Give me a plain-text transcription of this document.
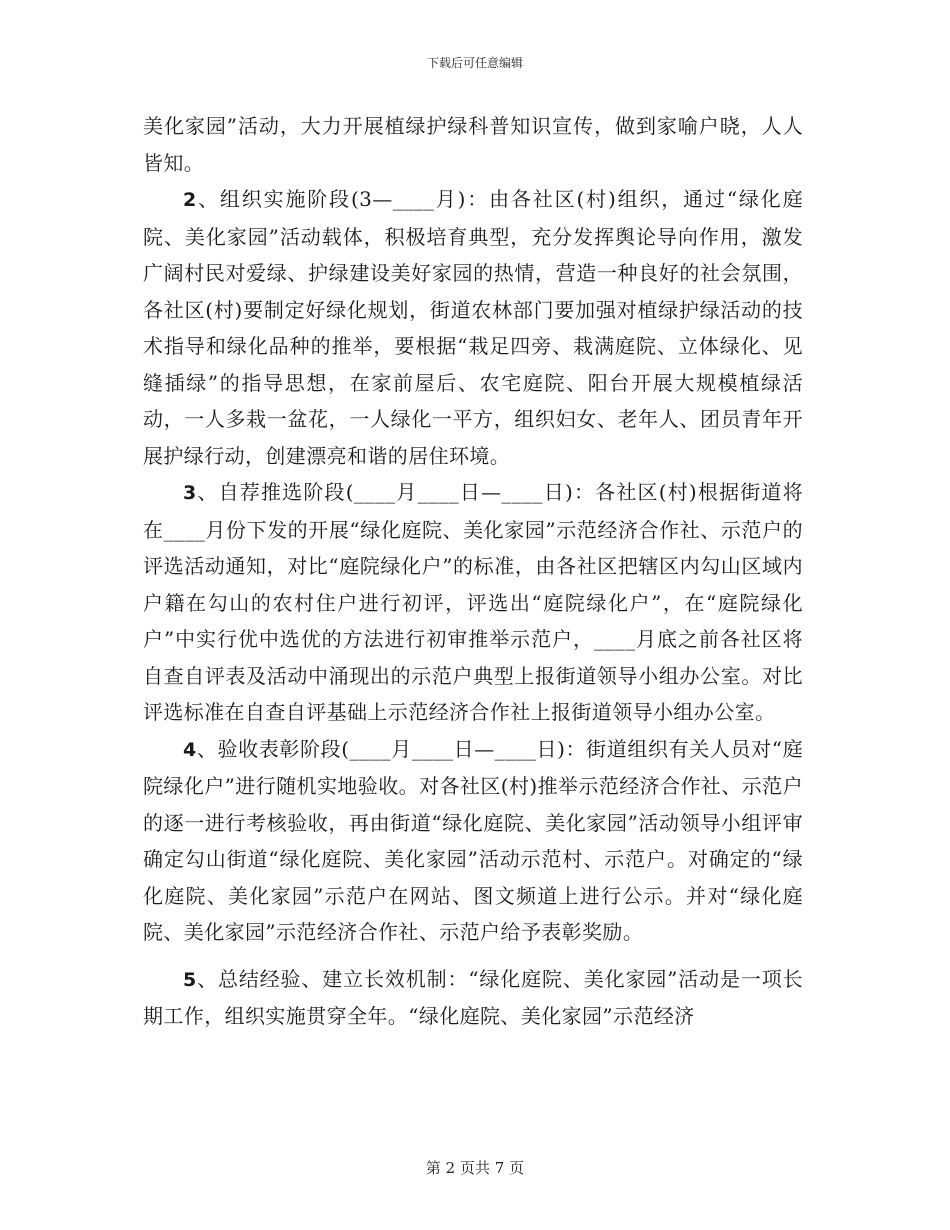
下载后可任意编辑

美化家园”活动，大力开展植绿护绿科普知识宣传，做到家喻户晓，人人皆知。

2、组织实施阶段(3—____月)：由各社区(村)组织，通过“绿化庭院、美化家园”活动载体，积极培育典型，充分发挥舆论导向作用，激发广阔村民对爱绿、护绿建设美好家园的热情，营造一种良好的社会氛围，各社区(村)要制定好绿化规划，街道农林部门要加强对植绿护绿活动的技术指导和绿化品种的推举，要根据“栽足四旁、栽满庭院、立体绿化、见缝插绿”的指导思想，在家前屋后、农宅庭院、阳台开展大规模植绿活动，一人多栽一盆花，一人绿化一平方，组织妇女、老年人、团员青年开展护绿行动，创建漂亮和谐的居住环境。

3、自荐推选阶段(____月____日—____日)：各社区(村)根据街道将在____月份下发的开展“绿化庭院、美化家园”示范经济合作社、示范户的评选活动通知，对比“庭院绿化户”的标准，由各社区把辖区内勾山区域内户籍在勾山的农村住户进行初评，评选出“庭院绿化户”，在“庭院绿化户”中实行优中选优的方法进行初审推举示范户，____月底之前各社区将自查自评表及活动中涌现出的示范户典型上报街道领导小组办公室。对比评选标准在自查自评基础上示范经济合作社上报街道领导小组办公室。

4、验收表彰阶段(____月____日—____日)：街道组织有关人员对“庭院绿化户”进行随机实地验收。对各社区(村)推举示范经济合作社、示范户的逐一进行考核验收，再由街道“绿化庭院、美化家园”活动领导小组评审确定勾山街道“绿化庭院、美化家园”活动示范村、示范户。对确定的“绿化庭院、美化家园”示范户在网站、图文频道上进行公示。并对“绿化庭院、美化家园”示范经济合作社、示范户给予表彰奖励。

5、总结经验、建立长效机制：“绿化庭院、美化家园”活动是一项长期工作，组织实施贯穿全年。“绿化庭院、美化家园”示范经济

第 2 页共 7 页
